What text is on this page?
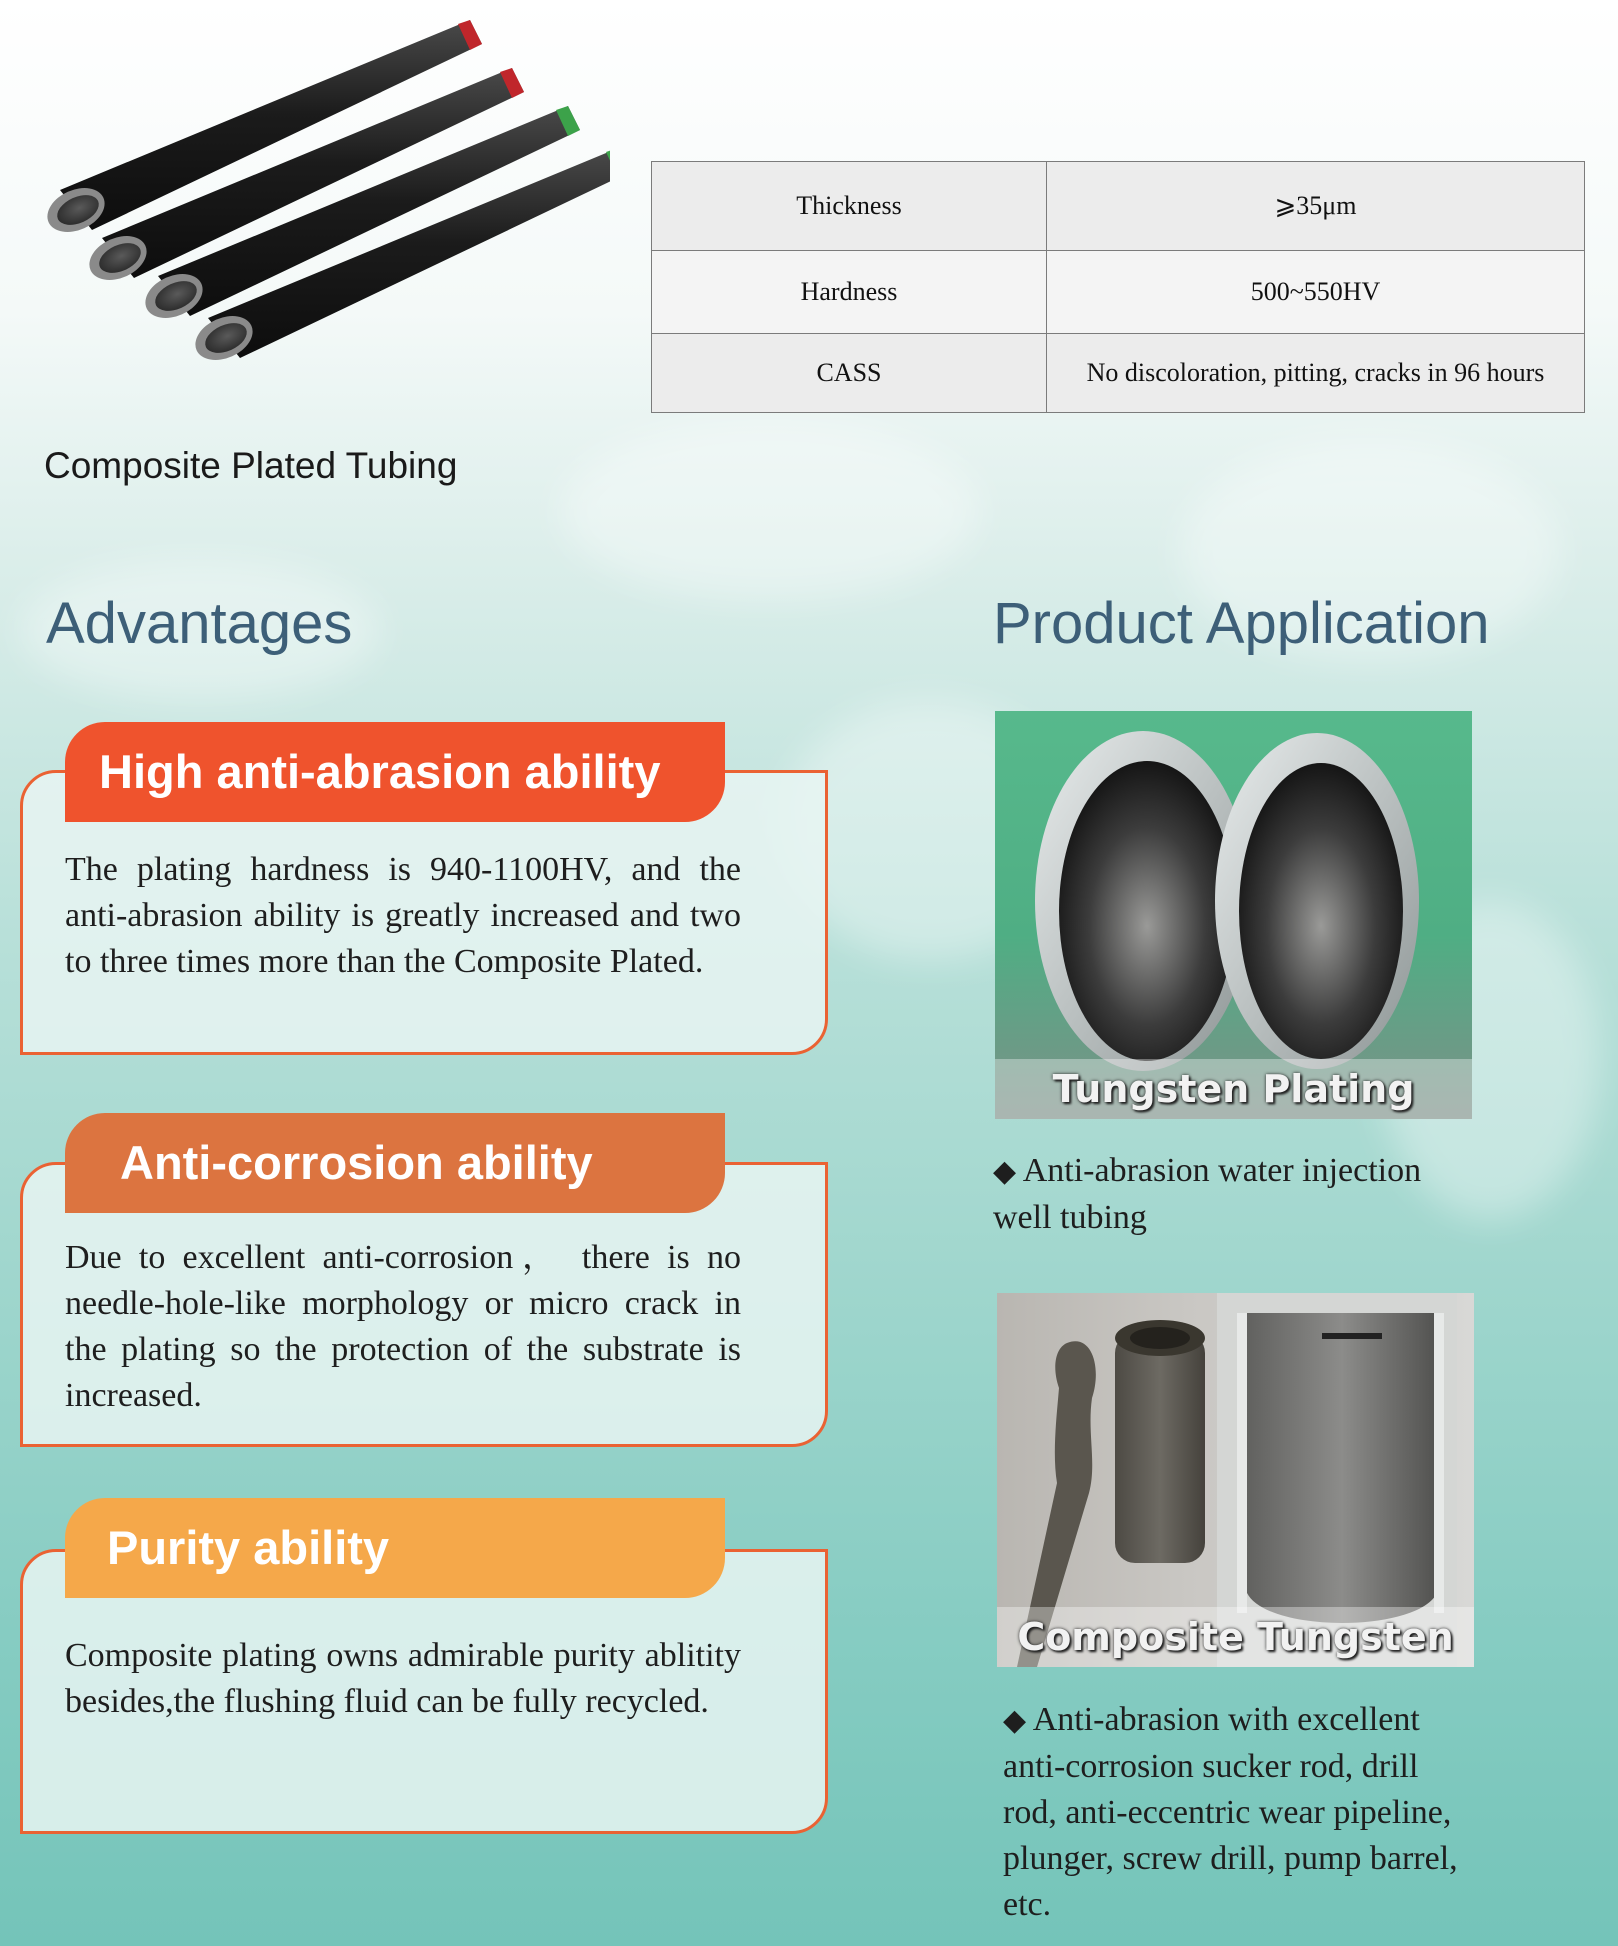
Composite Plated Tubing
Thickness	⩾35μm
Hardness	500~550HV
CASS	No discoloration, pitting, cracks in 96 hours
Advantages	Product Application
High anti-abrasion ability
The plating hardness is 940-1100HV, and the anti-abrasion ability is greatly increased and two to three times more than the Composite Plated.
Anti-corrosion ability
Due to excellent anti-corrosion， there is no needle-hole-like morphology or micro crack in the plating so the protection of the substrate is increased.
Purity ability
Composite plating owns admirable purity ablitity besides,the flushing fluid can be fully recycled.
Tungsten Plating
◆ Anti-abrasion water injection well tubing
Composite Tungsten
◆ Anti-abrasion with excellent anti-corrosion sucker rod, drill rod, anti-eccentric wear pipeline, plunger, screw drill, pump barrel, etc.
